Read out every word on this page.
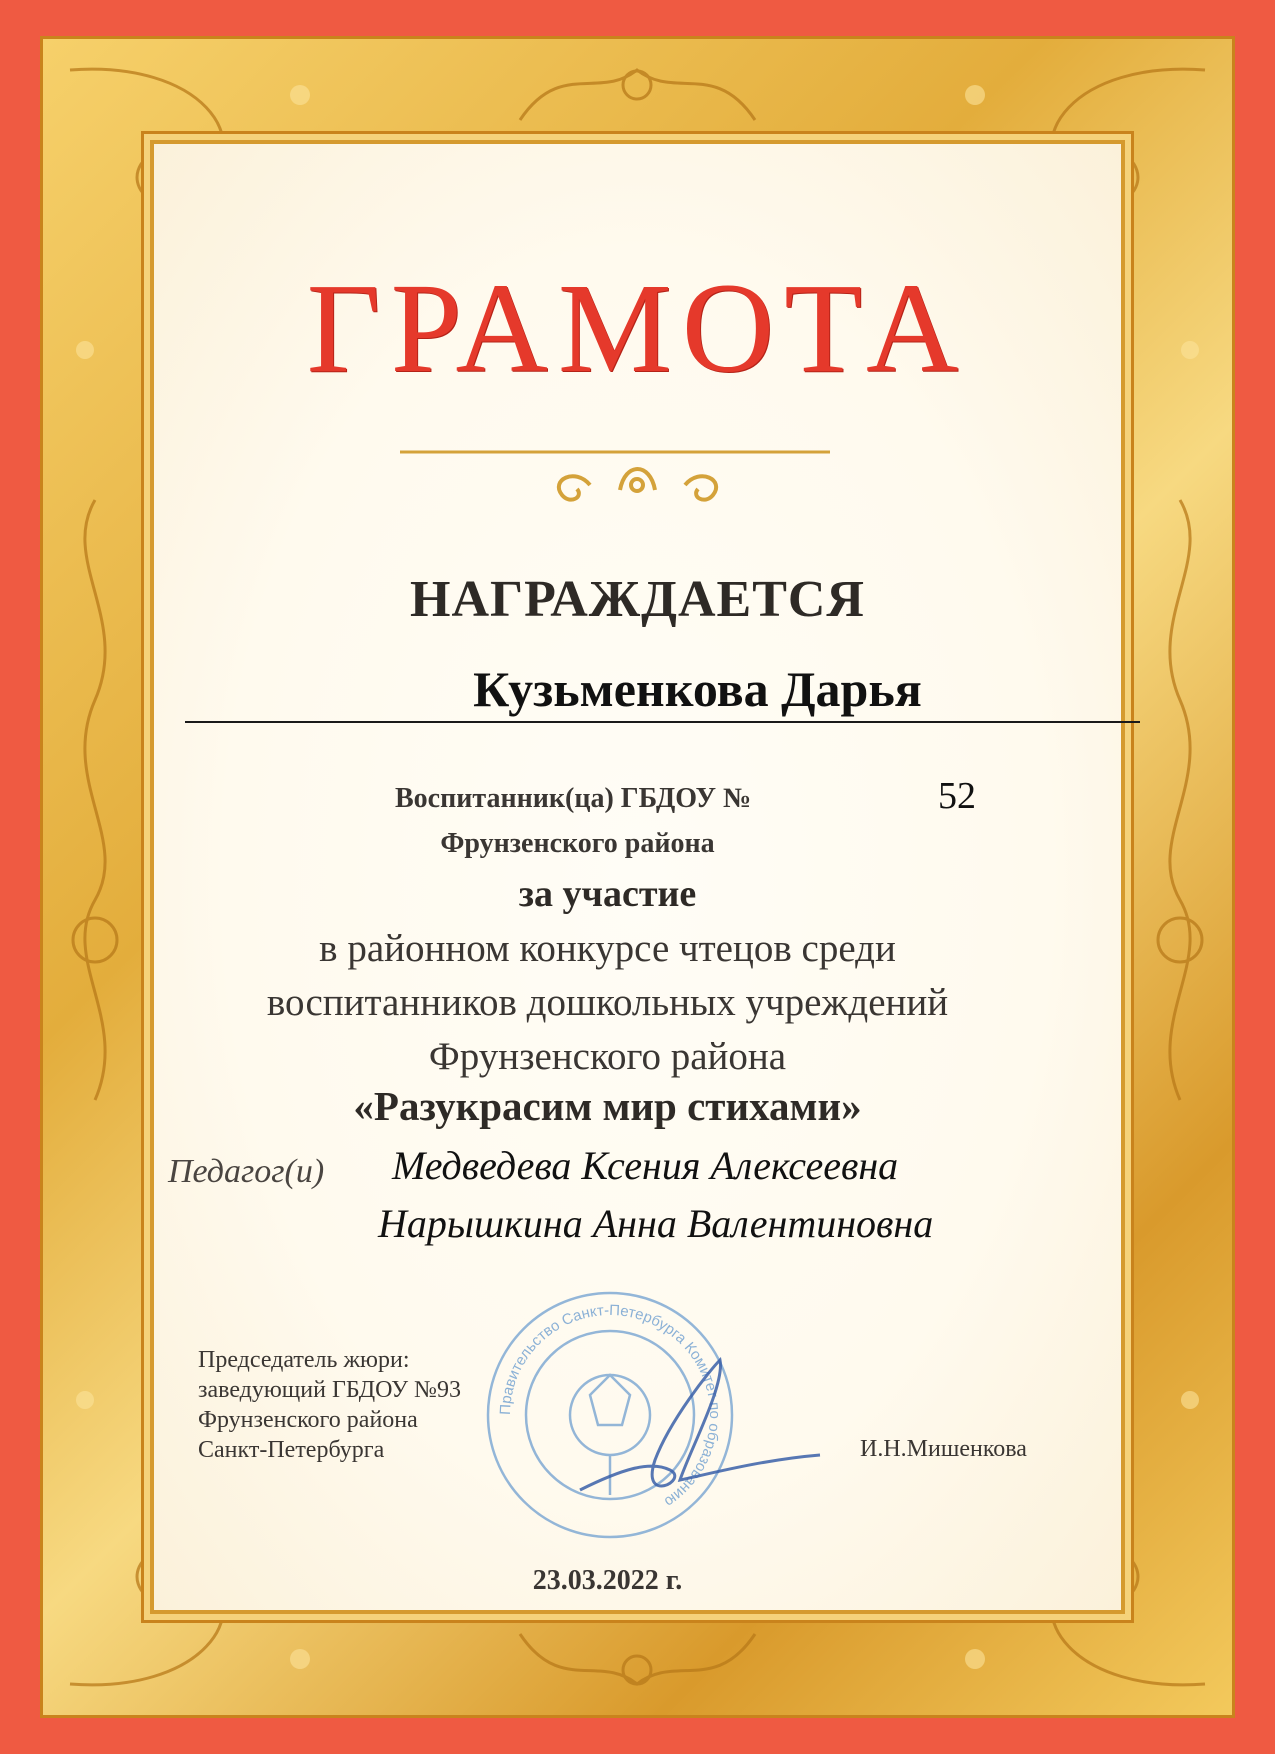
ГРАМОТА
НАГРАЖДАЕТСЯ
Кузьменкова Дарья
Воспитанник(ца) ГБДОУ №	52
Фрунзенского района
за участие
в районном конкурсе чтецов среди
воспитанников дошкольных учреждений
Фрунзенского района
«Разукрасим мир стихами»
Педагог(и) Медведева Ксения Алексеевна
Нарышкина Анна Валентиновна
Правительство Санкт-Петербурга Комитет по образованию
Председатель жюри:
заведующий ГБДОУ №93
Фрунзенского района
Санкт-Петербурга	И.Н.Мишенкова
23.03.2022 г.
